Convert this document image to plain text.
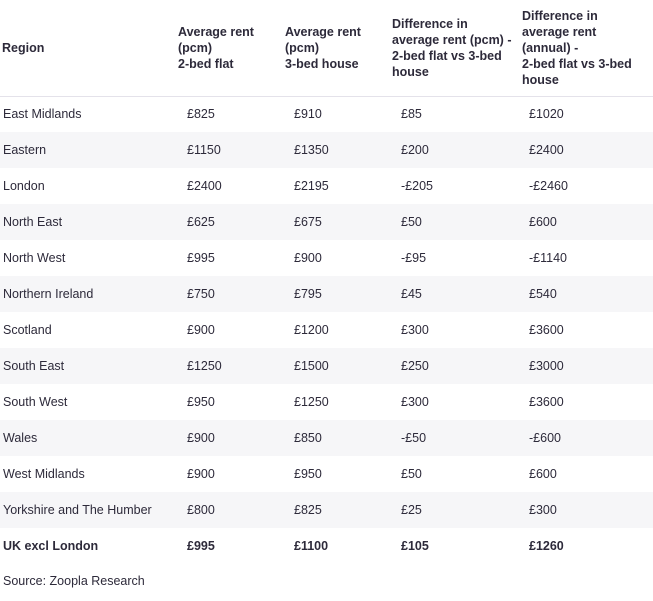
Region	Average rent
(pcm)
2-bed flat	Average rent
(pcm)
3-bed house	Difference in
average rent (pcm) -
2-bed flat vs 3-bed
house	Difference in
average rent
(annual) -
2-bed flat vs 3-bed
house
East Midlands	£825	£910	£85	£1020
Eastern	£1150	£1350	£200	£2400
London	£2400	£2195	-£205	-£2460
North East	£625	£675	£50	£600
North West	£995	£900	-£95	-£1140
Northern Ireland	£750	£795	£45	£540
Scotland	£900	£1200	£300	£3600
South East	£1250	£1500	£250	£3000
South West	£950	£1250	£300	£3600
Wales	£900	£850	-£50	-£600
West Midlands	£900	£950	£50	£600
Yorkshire and The Humber	£800	£825	£25	£300
UK excl London	£995	£1100	£105	£1260
Source: Zoopla Research
